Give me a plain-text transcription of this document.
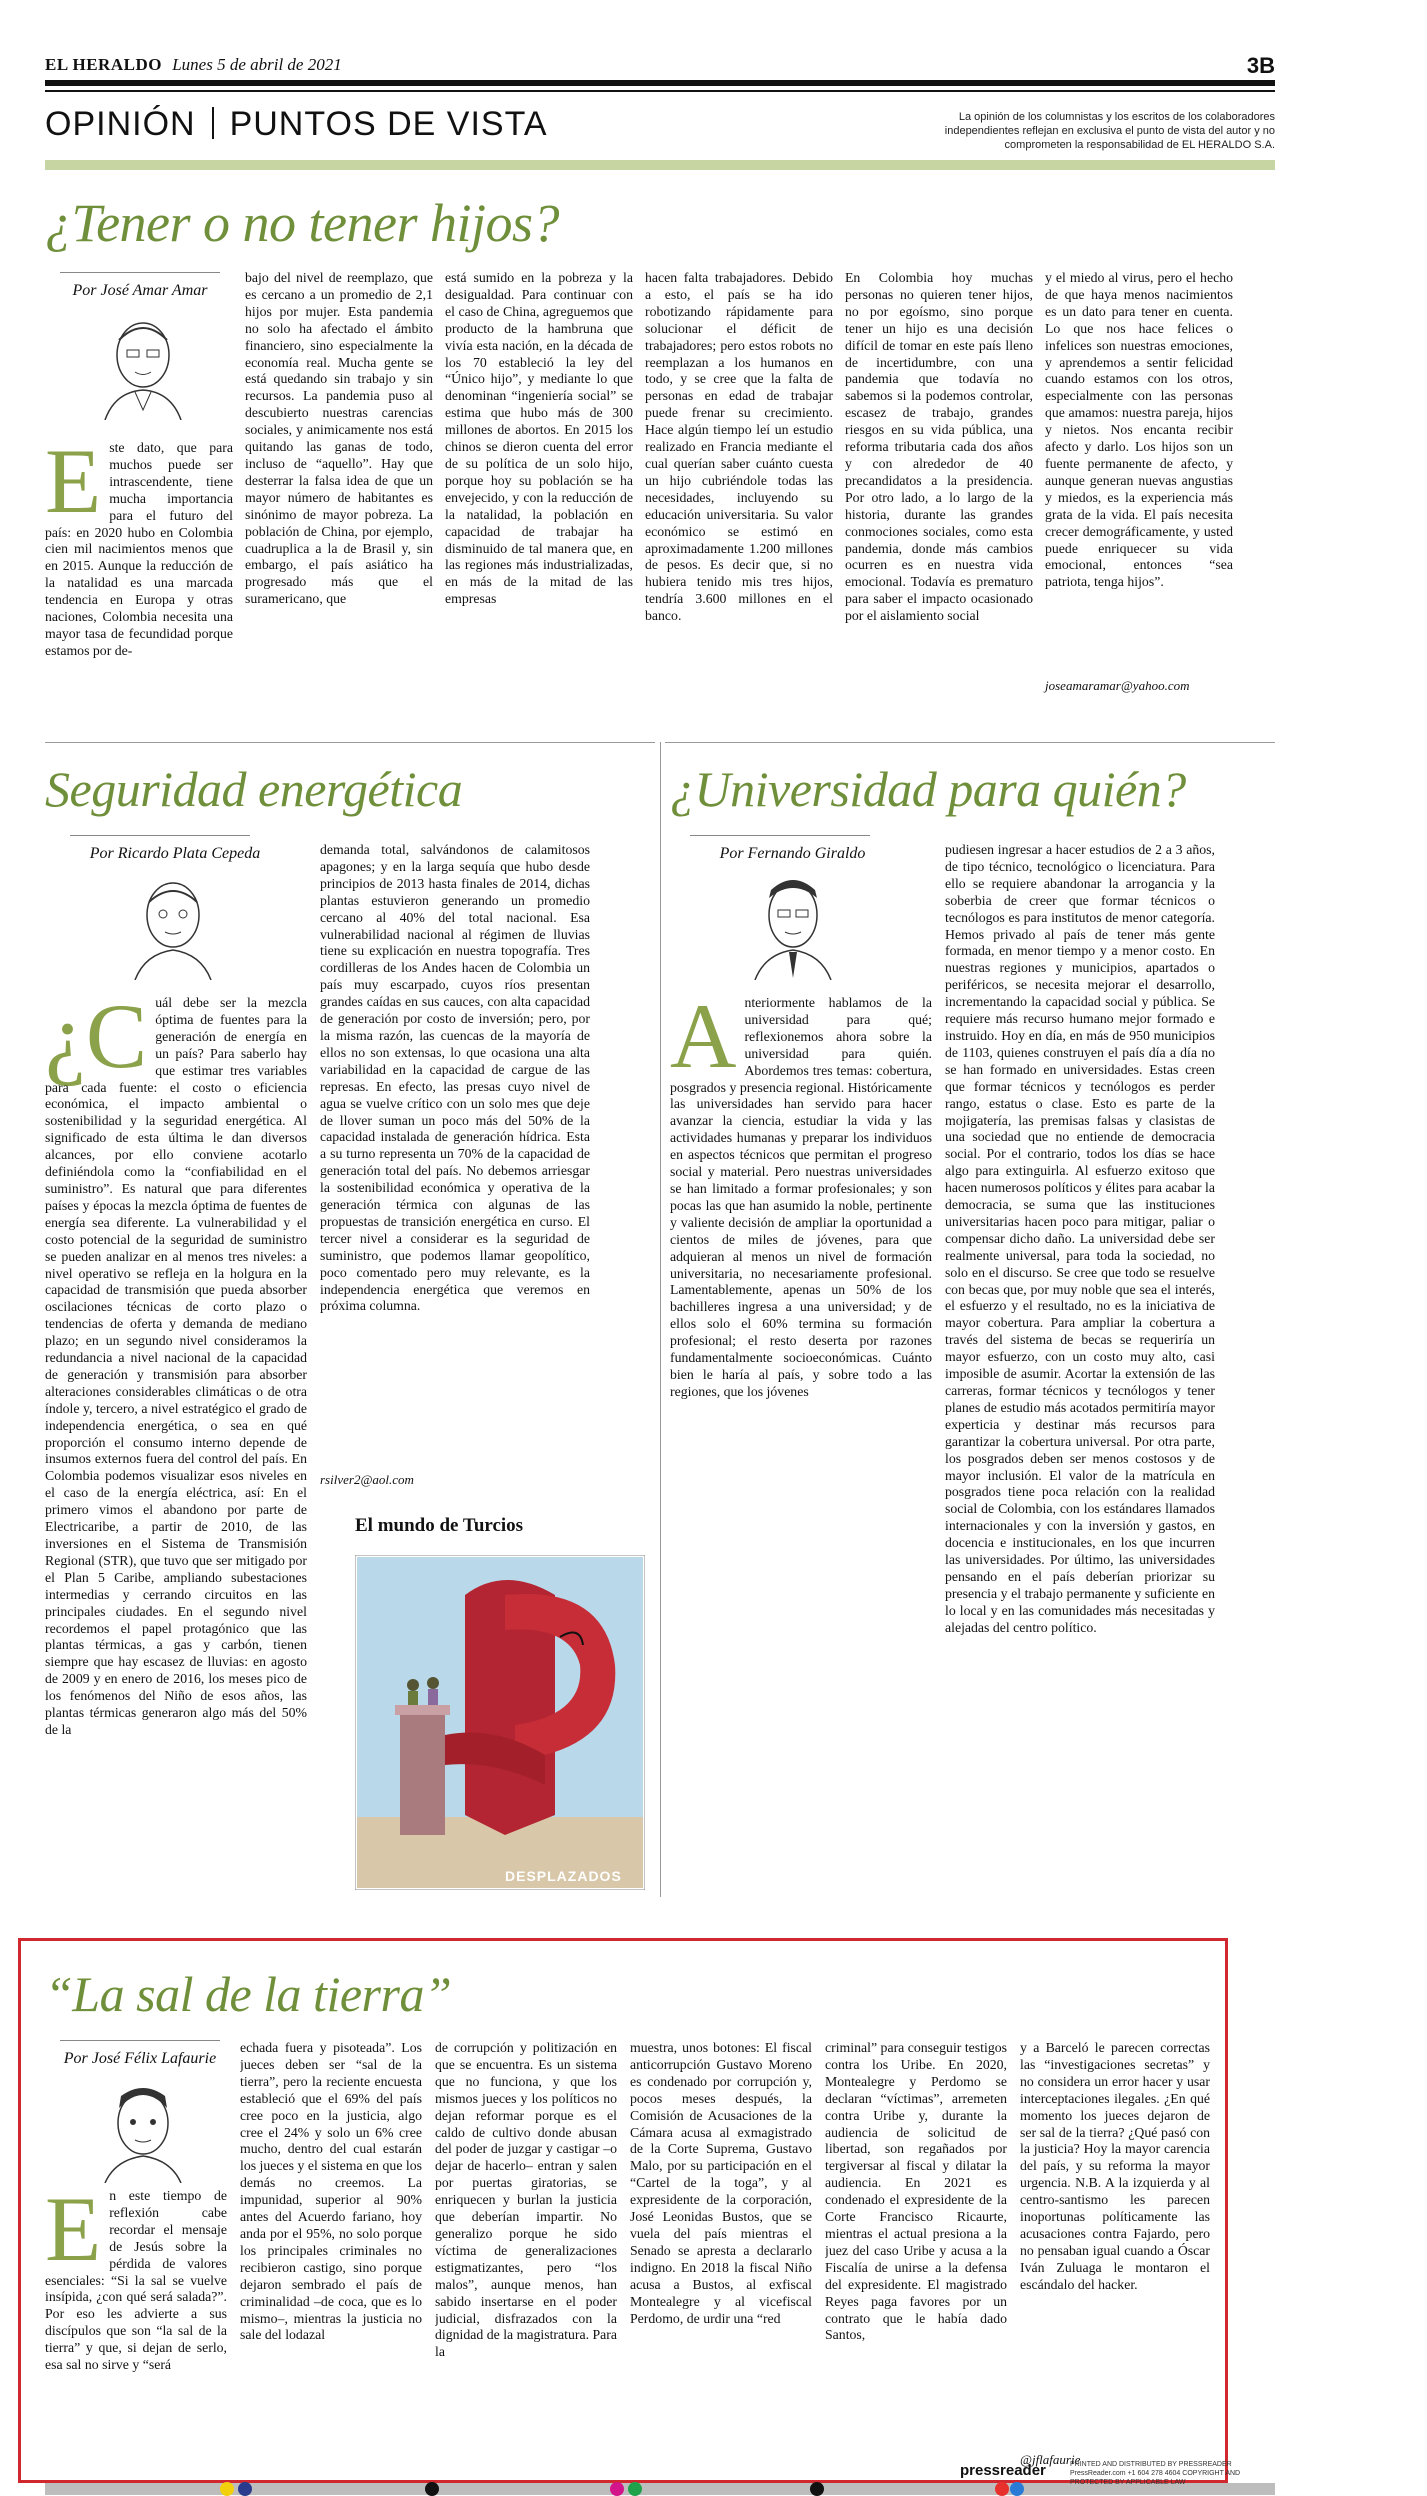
EL HERALDO Lunes 5 de abril de 2021	3B
OPINIÓN PUNTOS DE VISTA	La opinión de los columnistas y los escritos de los colaboradores independientes reflejan en exclusiva el punto de vista del autor y no comprometen la responsabilidad de EL HERALDO S.A.
¿Tener o no tener hijos?
Por José Amar Amar
Este dato, que para muchos puede ser intrascendente, tiene mucha importancia para el futuro del país: en 2020 hubo en Colombia cien mil nacimientos menos que en 2015. Aunque la reducción de la natalidad es una marcada tendencia en Europa y otras naciones, Colombia necesita una mayor tasa de fecundidad porque estamos por de-
bajo del nivel de reemplazo, que es cercano a un promedio de 2,1 hijos por mujer. Esta pandemia no solo ha afectado el ámbito financiero, sino especialmente la economía real. Mucha gente se está quedando sin trabajo y sin recursos. La pandemia puso al descubierto nuestras carencias sociales, y animicamente nos está quitando las ganas de todo, incluso de “aquello”. Hay que desterrar la falsa idea de que un mayor número de habitantes es sinónimo de mayor pobreza. La población de China, por ejemplo, cuadruplica a la de Brasil y, sin embargo, el país asiático ha progresado más que el suramericano, que
está sumido en la pobreza y la desigualdad. Para continuar con el caso de China, agreguemos que producto de la hambruna que vivía esta nación, en la década de los 70 estableció la ley del “Único hijo”, y mediante lo que denominan “ingeniería social” se estima que hubo más de 300 millones de abortos. En 2015 los chinos se dieron cuenta del error de su política de un solo hijo, porque hoy su población se ha envejecido, y con la reducción de la natalidad, la población en capacidad de trabajar ha disminuido de tal manera que, en las regiones más industrializadas, en más de la mitad de las empresas
hacen falta trabajadores. Debido a esto, el país se ha ido robotizando rápidamente para solucionar el déficit de trabajadores; pero estos robots no reemplazan a los humanos en todo, y se cree que la falta de personas en edad de trabajar puede frenar su crecimiento. Hace algún tiempo leí un estudio realizado en Francia mediante el cual querían saber cuánto cuesta un hijo cubriéndole todas las necesidades, incluyendo su educación universitaria. Su valor económico se estimó en aproximadamente 1.200 millones de pesos. Es decir que, si no hubiera tenido mis tres hijos, tendría 3.600 millones en el banco.
En Colombia hoy muchas personas no quieren tener hijos, no por egoísmo, sino porque tener un hijo es una decisión difícil de tomar en este país lleno de incertidumbre, con una pandemia que todavía no sabemos si la podemos controlar, escasez de trabajo, grandes riesgos en su vida pública, una reforma tributaria cada dos años y con alrededor de 40 precandidatos a la presidencia. Por otro lado, a lo largo de la historia, durante las grandes conmociones sociales, como esta pandemia, donde más cambios ocurren es en nuestra vida emocional. Todavía es prematuro para saber el impacto ocasionado por el aislamiento social
y el miedo al virus, pero el hecho de que haya menos nacimientos es un dato para tener en cuenta. Lo que nos hace felices o infelices son nuestras emociones, y aprendemos a sentir felicidad cuando estamos con los otros, especialmente con las personas que amamos: nuestra pareja, hijos y nietos. Nos encanta recibir afecto y darlo. Los hijos son un fuente permanente de afecto, y aunque generan nuevas angustias y miedos, es la experiencia más grata de la vida. El país necesita crecer demográficamente, y usted puede enriquecer su vida emocional, entonces “sea patriota, tenga hijos”.
joseamaramar@yahoo.com
Seguridad energética
Por Ricardo Plata Cepeda
¿C uál debe ser la mezcla óptima de fuentes para la generación de energía en un país? Para saberlo hay que estimar tres variables para cada fuente: el costo o eficiencia económica, el impacto ambiental o sostenibilidad y la seguridad energética. Al significado de esta última le dan diversos alcances, por ello conviene acotarlo definiéndola como la “confiabilidad en el suministro”. Es natural que para diferentes países y épocas la mezcla óptima de fuentes de energía sea diferente. La vulnerabilidad y el costo potencial de la seguridad de suministro se pueden analizar en al menos tres niveles: a nivel operativo se refleja en la holgura en la capacidad de transmisión que pueda absorber oscilaciones técnicas de corto plazo o tendencias de oferta y demanda de mediano plazo; en un segundo nivel consideramos la redundancia a nivel nacional de la capacidad de generación y transmisión para absorber alteraciones considerables climáticas o de otra índole y, tercero, a nivel estratégico el grado de independencia energética, o sea en qué proporción el consumo interno depende de insumos externos fuera del control del país. En Colombia podemos visualizar esos niveles en el caso de la energía eléctrica, así: En el primero vimos el abandono por parte de Electricaribe, a partir de 2010, de las inversiones en el Sistema de Transmisión Regional (STR), que tuvo que ser mitigado por el Plan 5 Caribe, ampliando subestaciones intermedias y cerrando circuitos en las principales ciudades. En el segundo nivel recordemos el papel protagónico que las plantas térmicas, a gas y carbón, tienen siempre que hay escasez de lluvias: en agosto de 2009 y en enero de 2016, los meses pico de los fenómenos del Niño de esos años, las plantas térmicas generaron algo más del 50% de la
demanda total, salvándonos de calamitosos apagones; y en la larga sequía que hubo desde principios de 2013 hasta finales de 2014, dichas plantas estuvieron generando un promedio cercano al 40% del total nacional. Esa vulnerabilidad nacional al régimen de lluvias tiene su explicación en nuestra topografía. Tres cordilleras de los Andes hacen de Colombia un país muy escarpado, cuyos ríos presentan grandes caídas en sus cauces, con alta capacidad de generación por costo de inversión; pero, por la misma razón, las cuencas de la mayoría de ellos no son extensas, lo que ocasiona una alta variabilidad en la capacidad de cargue de las represas. En efecto, las presas cuyo nivel de agua se vuelve crítico con un solo mes que deje de llover suman un poco más del 50% de la capacidad instalada de generación hídrica. Esta a su turno representa un 70% de la capacidad de generación total del país. No debemos arriesgar la sostenibilidad económica y operativa de la generación térmica con algunas de las propuestas de transición energética en curso. El tercer nivel a considerar es la seguridad de suministro, que podemos llamar geopolítico, poco comentado pero muy relevante, es la independencia energética que veremos en próxima columna.
rsilver2@aol.com
El mundo de Turcios
DESPLAZADOS
¿Universidad para quién?
Por Fernando Giraldo
Anteriormente hablamos de la universidad para qué; reflexionemos ahora sobre la universidad para quién. Abordemos tres temas: cobertura, posgrados y presencia regional. Históricamente las universidades han servido para hacer avanzar la ciencia, estudiar la vida y las actividades humanas y preparar los individuos en aspectos técnicos que permitan el progreso social y material. Pero nuestras universidades se han limitado a formar profesionales; y son pocas las que han asumido la noble, pertinente y valiente decisión de ampliar la oportunidad a cientos de miles de jóvenes, para que adquieran al menos un nivel de formación universitaria, no necesariamente profesional. Lamentablemente, apenas un 50% de los bachilleres ingresa a una universidad; y de ellos solo el 60% termina su formación profesional; el resto deserta por razones fundamentalmente socioeconómicas. Cuánto bien le haría al país, y sobre todo a las regiones, que los jóvenes
pudiesen ingresar a hacer estudios de 2 a 3 años, de tipo técnico, tecnológico o licenciatura. Para ello se requiere abandonar la arrogancia y la soberbia de creer que formar técnicos o tecnólogos es para institutos de menor categoría. Hemos privado al país de tener más gente formada, en menor tiempo y a menor costo. En nuestras regiones y municipios, apartados o periféricos, se necesita mejorar el desarrollo, incrementando la capacidad social y pública. Se requiere más recurso humano mejor formado e instruido. Hoy en día, en más de 950 municipios de 1103, quienes construyen el país día a día no se han formado en universidades. Estas creen que formar técnicos y tecnólogos es perder rango, estatus o clase. Esto es parte de la mojigatería, las premisas falsas y clasistas de una sociedad que no entiende de democracia social. Por el contrario, todos los días se hace algo para extinguirla. Al esfuerzo exitoso que hacen numerosos políticos y élites para acabar la democracia, se suma que las instituciones universitarias hacen poco para mitigar, paliar o compensar dicho daño. La universidad debe ser realmente universal, para toda la sociedad, no solo en el discurso. Se cree que todo se resuelve con becas que, por muy noble que sea el interés, el esfuerzo y el resultado, no es la iniciativa de mayor cobertura. Para ampliar la cobertura a través del sistema de becas se requeriría un mayor esfuerzo, con un costo muy alto, casi imposible de asumir. Acortar la extensión de las carreras, formar técnicos y tecnólogos y tener planes de estudio más acotados permitiría mayor experticia y destinar más recursos para garantizar la cobertura universal. Por otra parte, los posgrados deben ser menos costosos y de mayor inclusión. El valor de la matrícula en posgrados tiene poca relación con la realidad social de Colombia, con los estándares llamados internacionales y con la inversión y gastos, en docencia e institucionales, en los que incurren las universidades. Por último, las universidades pensando en el país deberían priorizar su presencia y el trabajo permanente y suficiente en lo local y en las comunidades más necesitadas y alejadas del centro político.
“La sal de la tierra”
Por José Félix Lafaurie
En este tiempo de reflexión cabe recordar el mensaje de Jesús sobre la pérdida de valores esenciales: “Si la sal se vuelve insípida, ¿con qué será salada?”. Por eso les advierte a sus discípulos que son “la sal de la tierra” y que, si dejan de serlo, esa sal no sirve y “será
echada fuera y pisoteada”. Los jueces deben ser “sal de la tierra”, pero la reciente encuesta estableció que el 69% del país cree poco en la justicia, algo cree el 24% y solo un 6% cree mucho, dentro del cual estarán los jueces y el sistema en que los demás no creemos. La impunidad, superior al 90% antes del Acuerdo fariano, hoy anda por el 95%, no solo porque los principales criminales no recibieron castigo, sino porque dejaron sembrado el país de criminalidad –de coca, que es lo mismo–, mientras la justicia no sale del lodazal
de corrupción y politización en que se encuentra. Es un sistema que no funciona, y que los mismos jueces y los políticos no dejan reformar porque es el caldo de cultivo donde abusan del poder de juzgar y castigar –o dejar de hacerlo– entran y salen por puertas giratorias, se enriquecen y burlan la justicia que deberían impartir. No generalizo porque he sido víctima de generalizaciones estigmatizantes, pero “los malos”, aunque menos, han sabido insertarse en el poder judicial, disfrazados con la dignidad de la magistratura. Para la
muestra, unos botones: El fiscal anticorrupción Gustavo Moreno es condenado por corrupción y, pocos meses después, la Comisión de Acusaciones de la Cámara acusa al exmagistrado de la Corte Suprema, Gustavo Malo, por su participación en el “Cartel de la toga”, y al expresidente de la corporación, José Leonidas Bustos, que se vuela del país mientras el Senado se apresta a declararlo indigno. En 2018 la fiscal Niño acusa a Bustos, al exfiscal Montealegre y al vicefiscal Perdomo, de urdir una “red
criminal” para conseguir testigos contra los Uribe. En 2020, Montealegre y Perdomo se declaran “víctimas”, arremeten contra Uribe y, durante la audiencia de solicitud de libertad, son regañados por tergiversar al fiscal y dilatar la audiencia. En 2021 es condenado el expresidente de la Corte Francisco Ricaurte, mientras el actual presiona a la juez del caso Uribe y acusa a la Fiscalía de unirse a la defensa del expresidente. El magistrado Reyes paga favores por un contrato que le había dado Santos,
y a Barceló le parecen correctas las “investigaciones secretas” y no considera un error hacer y usar interceptaciones ilegales. ¿En qué momento los jueces dejaron de ser sal de la tierra? ¿Qué pasó con la justicia? Hoy la mayor carencia del país, y su reforma la mayor urgencia. N.B. A la izquierda y al centro-santismo les parecen inoportunas políticamente las acusaciones contra Fajardo, pero no pensaban igual cuando a Óscar Iván Zuluaga le montaron el escándalo del hacker.
@jflafaurie
pressreader	PRINTED AND DISTRIBUTED BY PRESSREADER PressReader.com +1 604 278 4604 COPYRIGHT AND PROTECTED BY APPLICABLE LAW
